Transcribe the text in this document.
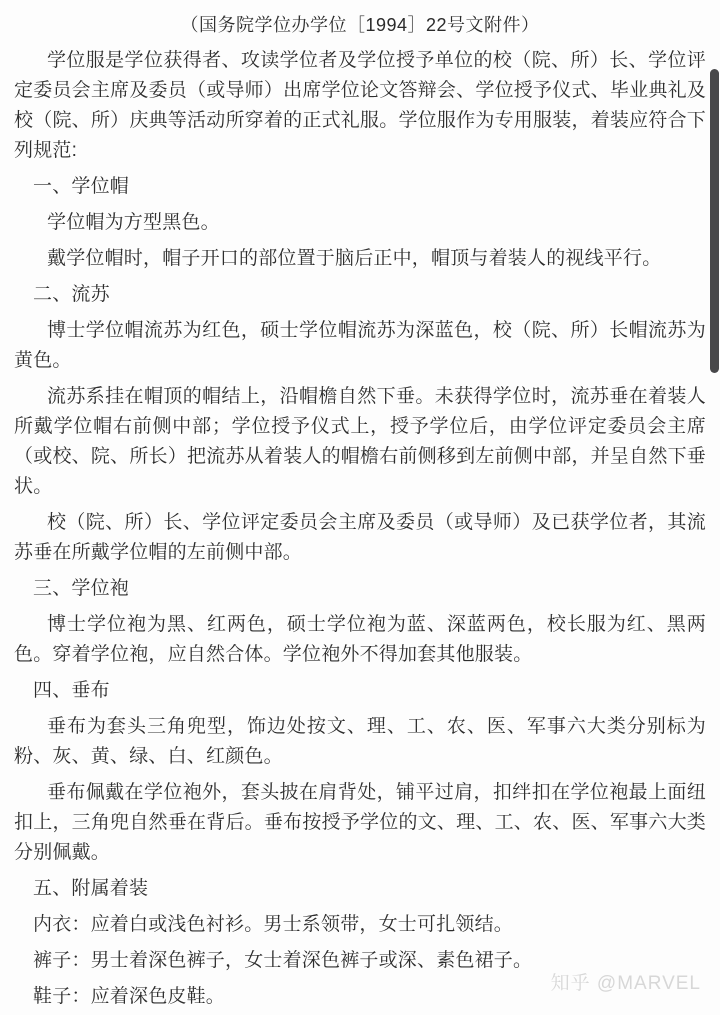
（国务院学位办学位［1994］22号文附件）

学位服是学位获得者、攻读学位者及学位授予单位的校（院、所）长、学位评定委员会主席及委员（或导师）出席学位论文答辩会、学位授予仪式、毕业典礼及校（院、所）庆典等活动所穿着的正式礼服。学位服作为专用服装，着装应符合下列规范:

一、学位帽

学位帽为方型黑色。

戴学位帽时，帽子开口的部位置于脑后正中，帽顶与着装人的视线平行。

二、流苏

博士学位帽流苏为红色，硕士学位帽流苏为深蓝色，校（院、所）长帽流苏为黄色。

流苏系挂在帽顶的帽结上，沿帽檐自然下垂。未获得学位时，流苏垂在着装人所戴学位帽右前侧中部；学位授予仪式上，授予学位后，由学位评定委员会主席（或校、院、所长）把流苏从着装人的帽檐右前侧移到左前侧中部，并呈自然下垂状。

校（院、所）长、学位评定委员会主席及委员（或导师）及已获学位者，其流苏垂在所戴学位帽的左前侧中部。

三、学位袍

博士学位袍为黑、红两色，硕士学位袍为蓝、深蓝两色，校长服为红、黑两色。穿着学位袍，应自然合体。学位袍外不得加套其他服装。

四、垂布

垂布为套头三角兜型，饰边处按文、理、工、农、医、军事六大类分别标为粉、灰、黄、绿、白、红颜色。

垂布佩戴在学位袍外，套头披在肩背处，铺平过肩，扣绊扣在学位袍最上面纽扣上，三角兜自然垂在背后。垂布按授予学位的文、理、工、农、医、军事六大类分别佩戴。

五、附属着装

内衣：应着白或浅色衬衫。男士系领带，女士可扎领结。

裤子：男士着深色裤子，女士着深色裤子或深、素色裙子。

鞋子：应着深色皮鞋。

知乎 @MARVEL
